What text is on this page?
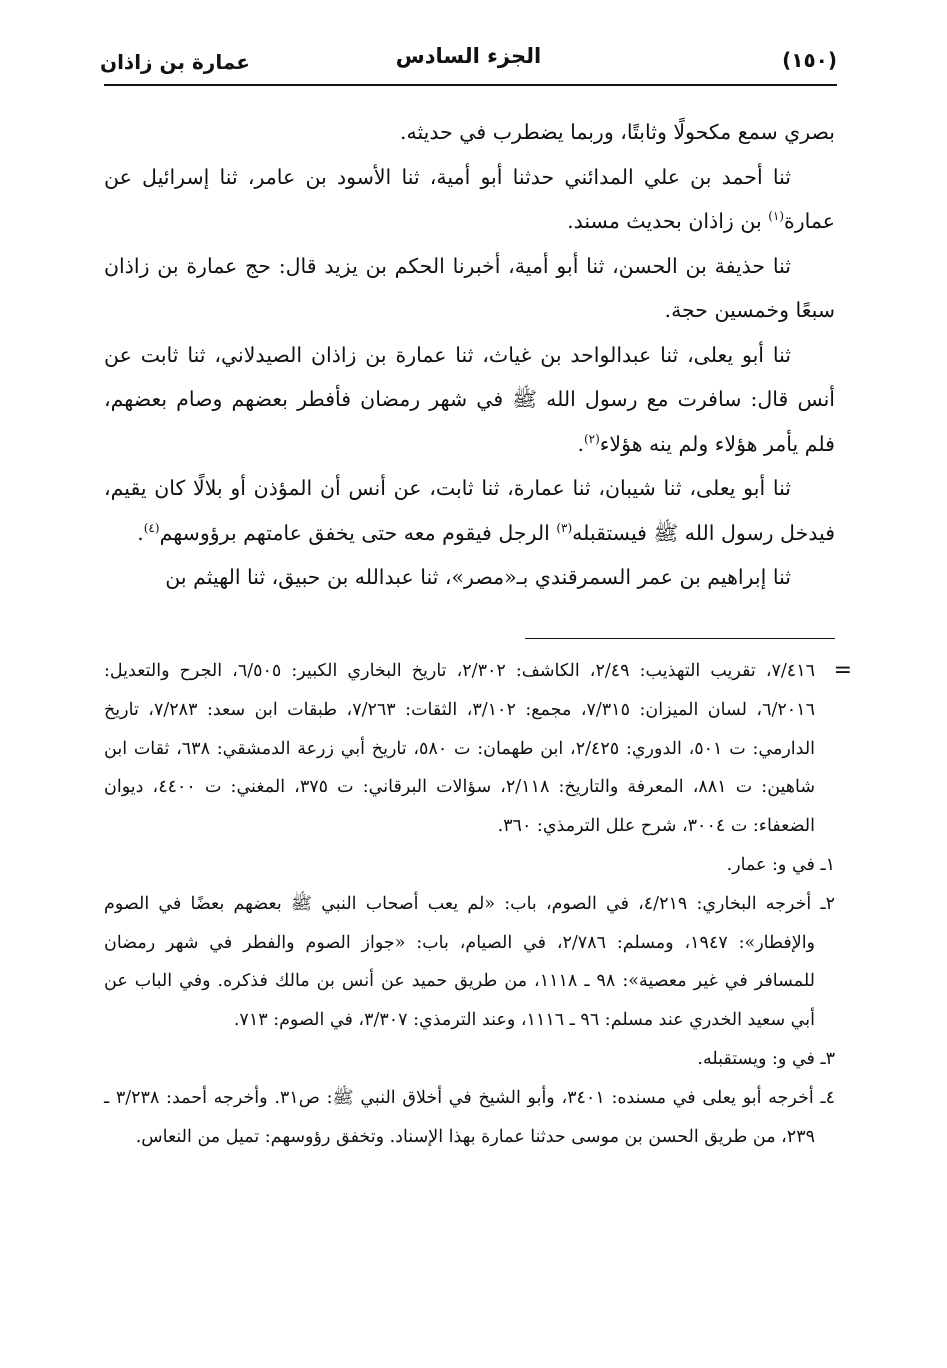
(١٥٠)
الجزء السادس
عمارة بن زاذان

بصري سمع مكحولًا وثابتًا، وربما يضطرب في حديثه.

ثنا أحمد بن علي المدائني حدثنا أبو أمية، ثنا الأسود بن عامر، ثنا إسرائيل عن عمارة$^{(١)}$ بن زاذان بحديث مسند.

ثنا حذيفة بن الحسن، ثنا أبو أمية، أخبرنا الحكم بن يزيد قال: حج عمارة بن زاذان سبعًا وخمسين حجة.

ثنا أبو يعلى، ثنا عبدالواحد بن غياث، ثنا عمارة بن زاذان الصيدلاني، ثنا ثابت عن أنس قال: سافرت مع رسول الله ﷺ في شهر رمضان فأفطر بعضهم وصام بعضهم، فلم يأمر هؤلاء ولم ينه هؤلاء$^{(٢)}$.

ثنا أبو يعلى، ثنا شيبان، ثنا عمارة، ثنا ثابت، عن أنس أن المؤذن أو بلالًا كان يقيم، فيدخل رسول الله ﷺ فيستقبله$^{(٣)}$ الرجل فيقوم معه حتى يخفق عامتهم برؤوسهم$^{(٤)}$.

ثنا إبراهيم بن عمر السمرقندي بـ«مصر»، ثنا عبدالله بن حبيق، ثنا الهيثم بن

=

٧/٤١٦، تقريب التهذيب: ٢/٤٩، الكاشف: ٢/٣٠٢، تاريخ البخاري الكبير: ٦/٥٠٥، الجرح والتعديل: ٦/٢٠١٦، لسان الميزان: ٧/٣١٥، مجمع: ٣/١٠٢، الثقات: ٧/٢٦٣، طبقات ابن سعد: ٧/٢٨٣، تاريخ الدارمي: ت ٥٠١، الدوري: ٢/٤٢٥، ابن طهمان: ت ٥٨٠، تاريخ أبي زرعة الدمشقي: ٦٣٨، ثقات ابن شاهين: ت ٨٨١، المعرفة والتاريخ: ٢/١١٨، سؤالات البرقاني: ت ٣٧٥، المغني: ت ٤٤٠٠، ديوان الضعفاء: ت ٣٠٠٤، شرح علل الترمذي: ٣٦٠.

١ـ في و: عمار.

٢ـ أخرجه البخاري: ٤/٢١٩، في الصوم، باب: «لم يعب أصحاب النبي ﷺ بعضهم بعضًا في الصوم والإفطار»: ١٩٤٧، ومسلم: ٢/٧٨٦، في الصيام، باب: «جواز الصوم والفطر في شهر رمضان للمسافر في غير معصية»: ٩٨ ـ ١١١٨، من طريق حميد عن أنس بن مالك فذكره. وفي الباب عن أبي سعيد الخدري عند مسلم: ٩٦ ـ ١١١٦، وعند الترمذي: ٣/٣٠٧، في الصوم: ٧١٣.

٣ـ في و: ويستقبله.

٤ـ أخرجه أبو يعلى في مسنده: ٣٤٠١، وأبو الشيخ في أخلاق النبي ﷺ: ص٣١. وأخرجه أحمد: ٣/٢٣٨ ـ ٢٣٩، من طريق الحسن بن موسى حدثنا عمارة بهذا الإسناد. وتخفق رؤوسهم: تميل من النعاس.
